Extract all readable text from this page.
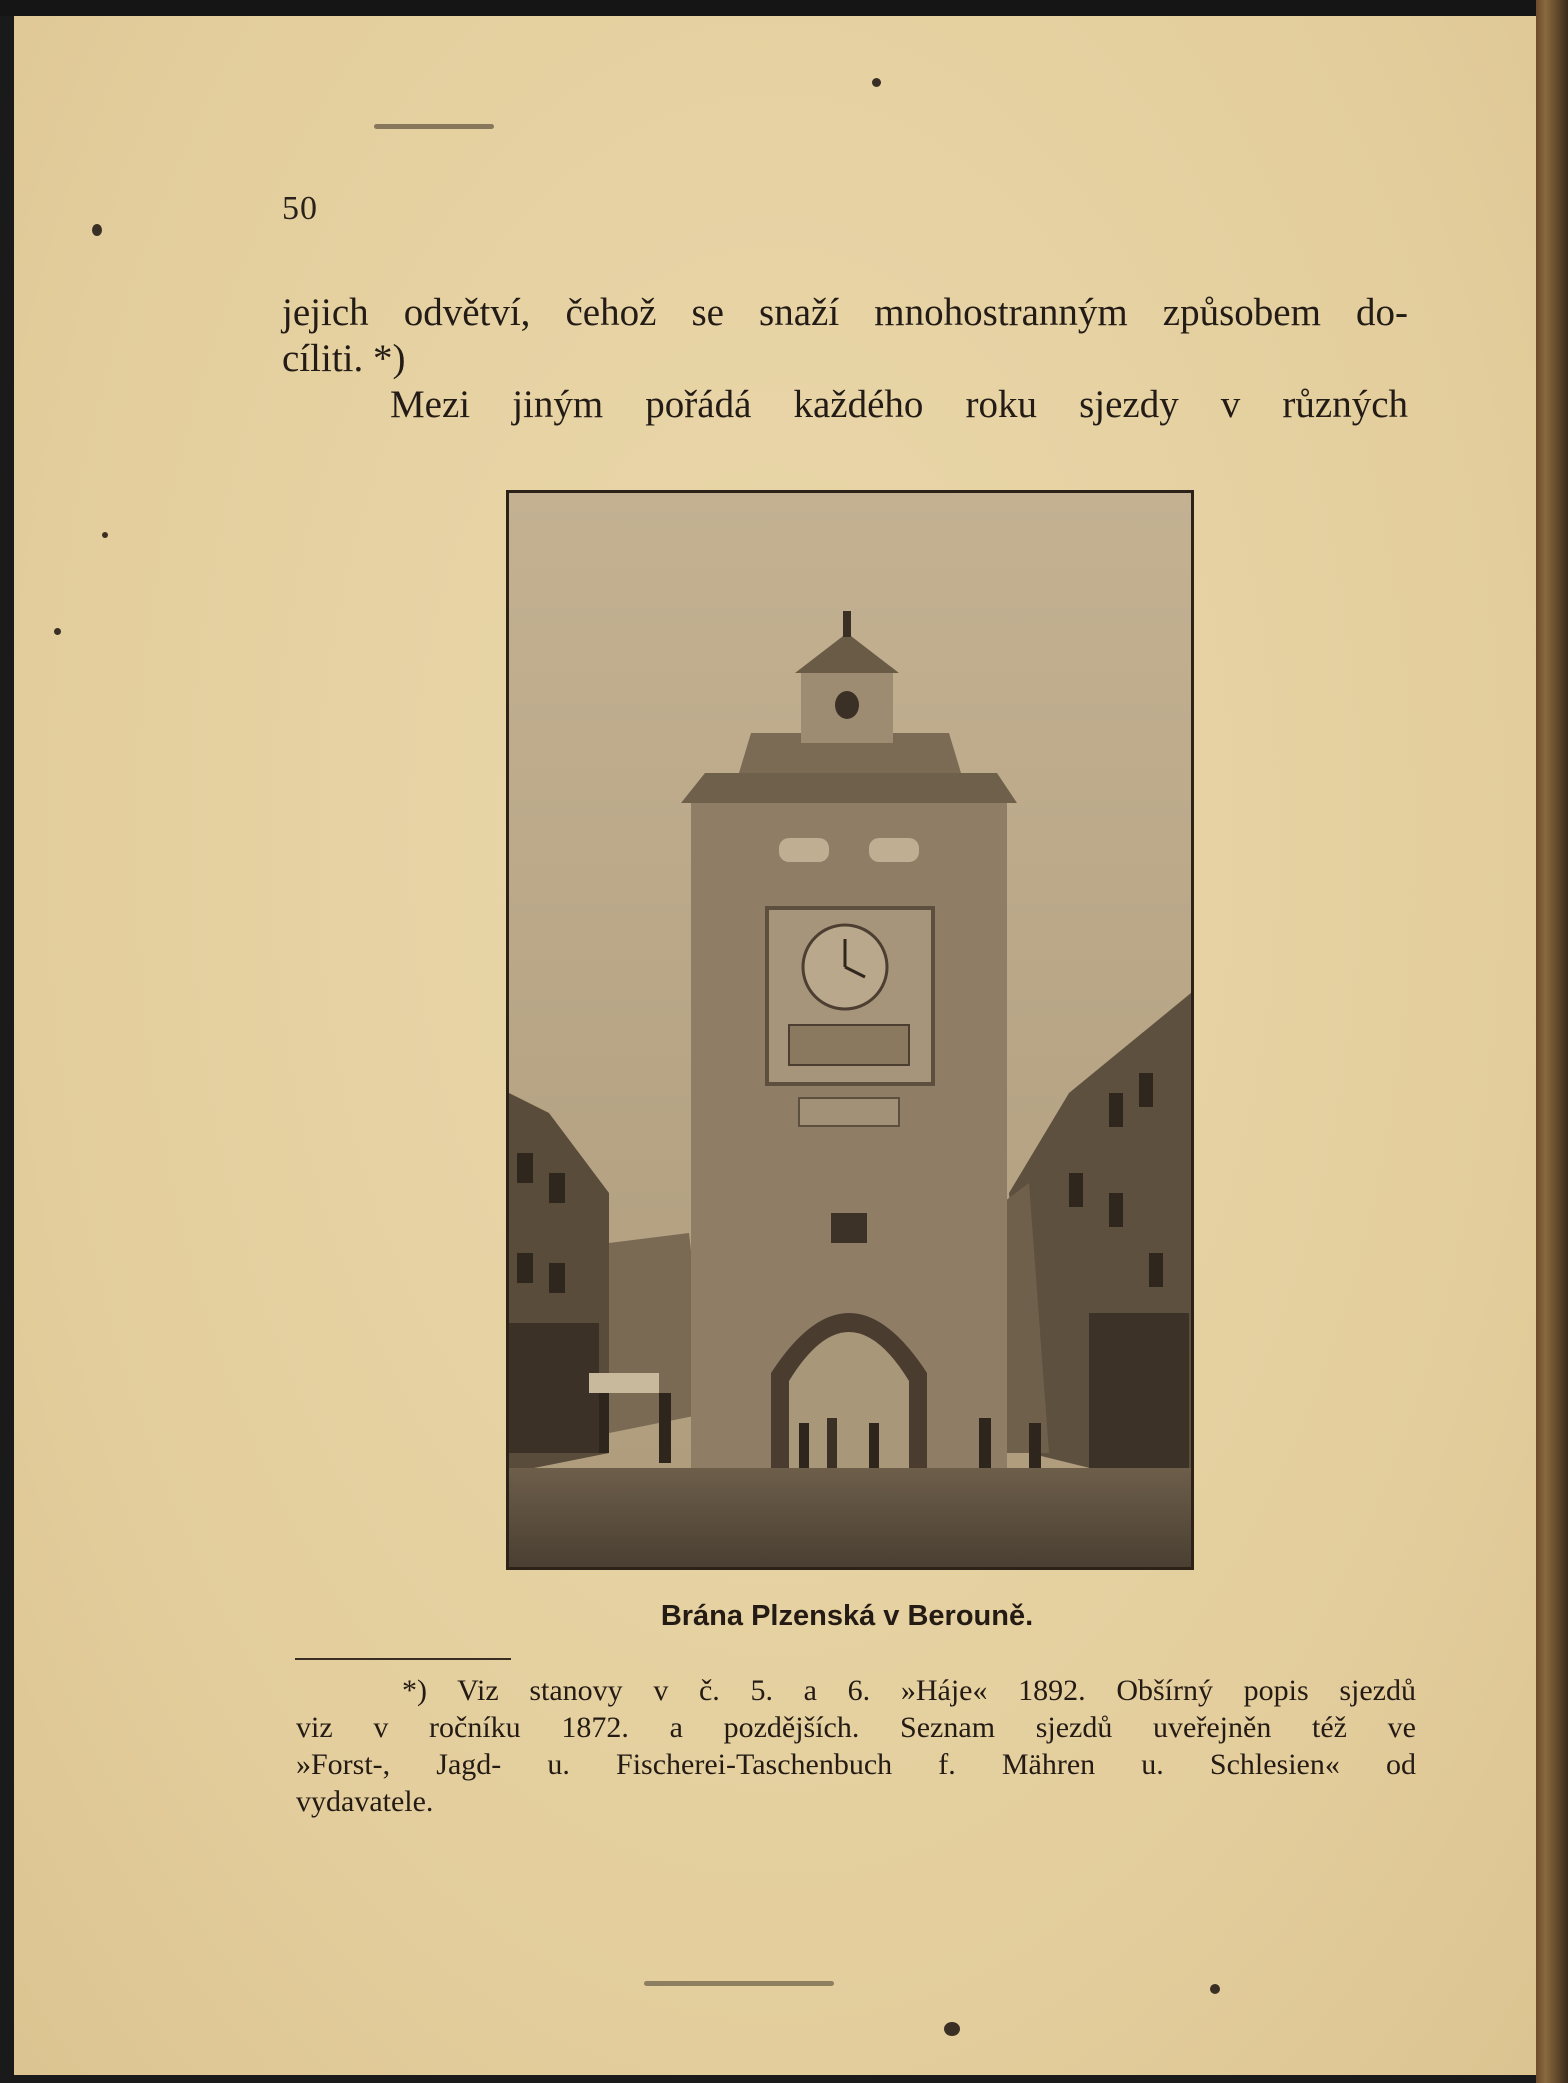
50
jejich odvětví, čehož se snaží mnohostranným způsobem do-
cíliti. *)
Mezi jiným pořádá každého roku sjezdy v různých
Brána Plzenská v Berouně.
*) Viz stanovy v č. 5. a 6. »Háje« 1892. Obšírný popis sjezdů
viz v ročníku 1872. a pozdějších. Seznam sjezdů uveřejněn též ve
»Forst-, Jagd- u. Fischerei-Taschenbuch f. Mähren u. Schlesien« od
vydavatele.
